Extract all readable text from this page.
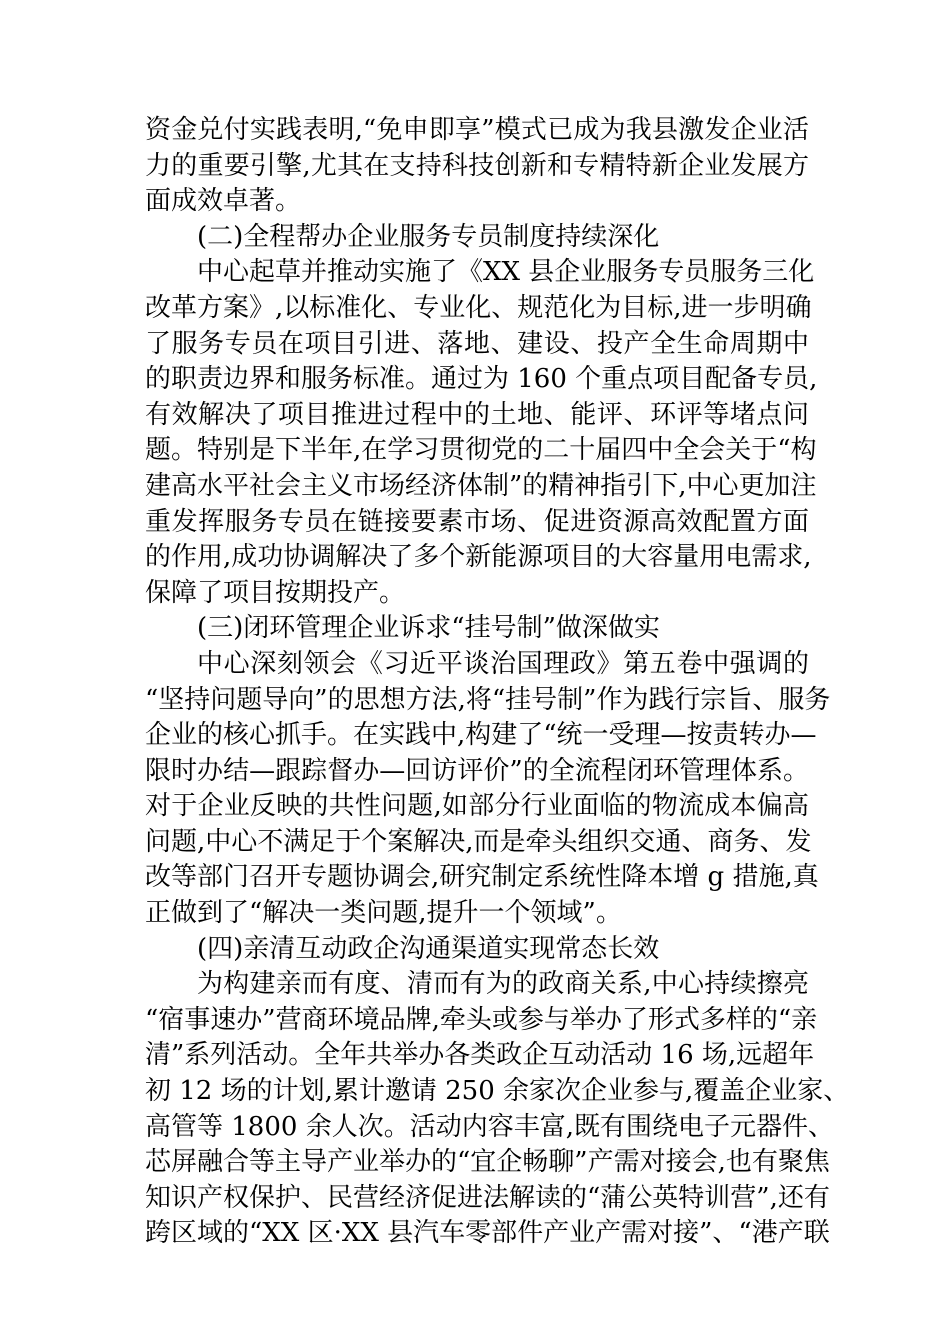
资金兑付实践表明,“免申即享”模式已成为我县激发企业活
力的重要引擎,尤其在支持科技创新和专精特新企业发展方
面成效卓著。
(二)全程帮办企业服务专员制度持续深化
中心起草并推动实施了《XX 县企业服务专员服务三化
改革方案》,以标准化、专业化、规范化为目标,进一步明确
了服务专员在项目引进、落地、建设、投产全生命周期中
的职责边界和服务标准。通过为 160 个重点项目配备专员,
有效解决了项目推进过程中的土地、能评、环评等堵点问
题。特别是下半年,在学习贯彻党的二十届四中全会关于“构
建高水平社会主义市场经济体制”的精神指引下,中心更加注
重发挥服务专员在链接要素市场、促进资源高效配置方面
的作用,成功协调解决了多个新能源项目的大容量用电需求,
保障了项目按期投产。
(三)闭环管理企业诉求“挂号制”做深做实
中心深刻领会《习近平谈治国理政》第五卷中强调的
“坚持问题导向”的思想方法,将“挂号制”作为践行宗旨、服务
企业的核心抓手。在实践中,构建了“统一受理—按责转办—
限时办结—跟踪督办—回访评价”的全流程闭环管理体系。
对于企业反映的共性问题,如部分行业面临的物流成本偏高
问题,中心不满足于个案解决,而是牵头组织交通、商务、发
改等部门召开专题协调会,研究制定系统性降本增 g 措施,真
正做到了“解决一类问题,提升一个领域”。
(四)亲清互动政企沟通渠道实现常态长效
为构建亲而有度、清而有为的政商关系,中心持续擦亮
“宿事速办”营商环境品牌,牵头或参与举办了形式多样的“亲
清”系列活动。全年共举办各类政企互动活动 16 场,远超年
初 12 场的计划,累计邀请 250 余家次企业参与,覆盖企业家、
高管等 1800 余人次。活动内容丰富,既有围绕电子元器件、
芯屏融合等主导产业举办的“宜企畅聊”产需对接会,也有聚焦
知识产权保护、民营经济促进法解读的“蒲公英特训营”,还有
跨区域的“XX 区·XX 县汽车零部件产业产需对接”、“港产联
